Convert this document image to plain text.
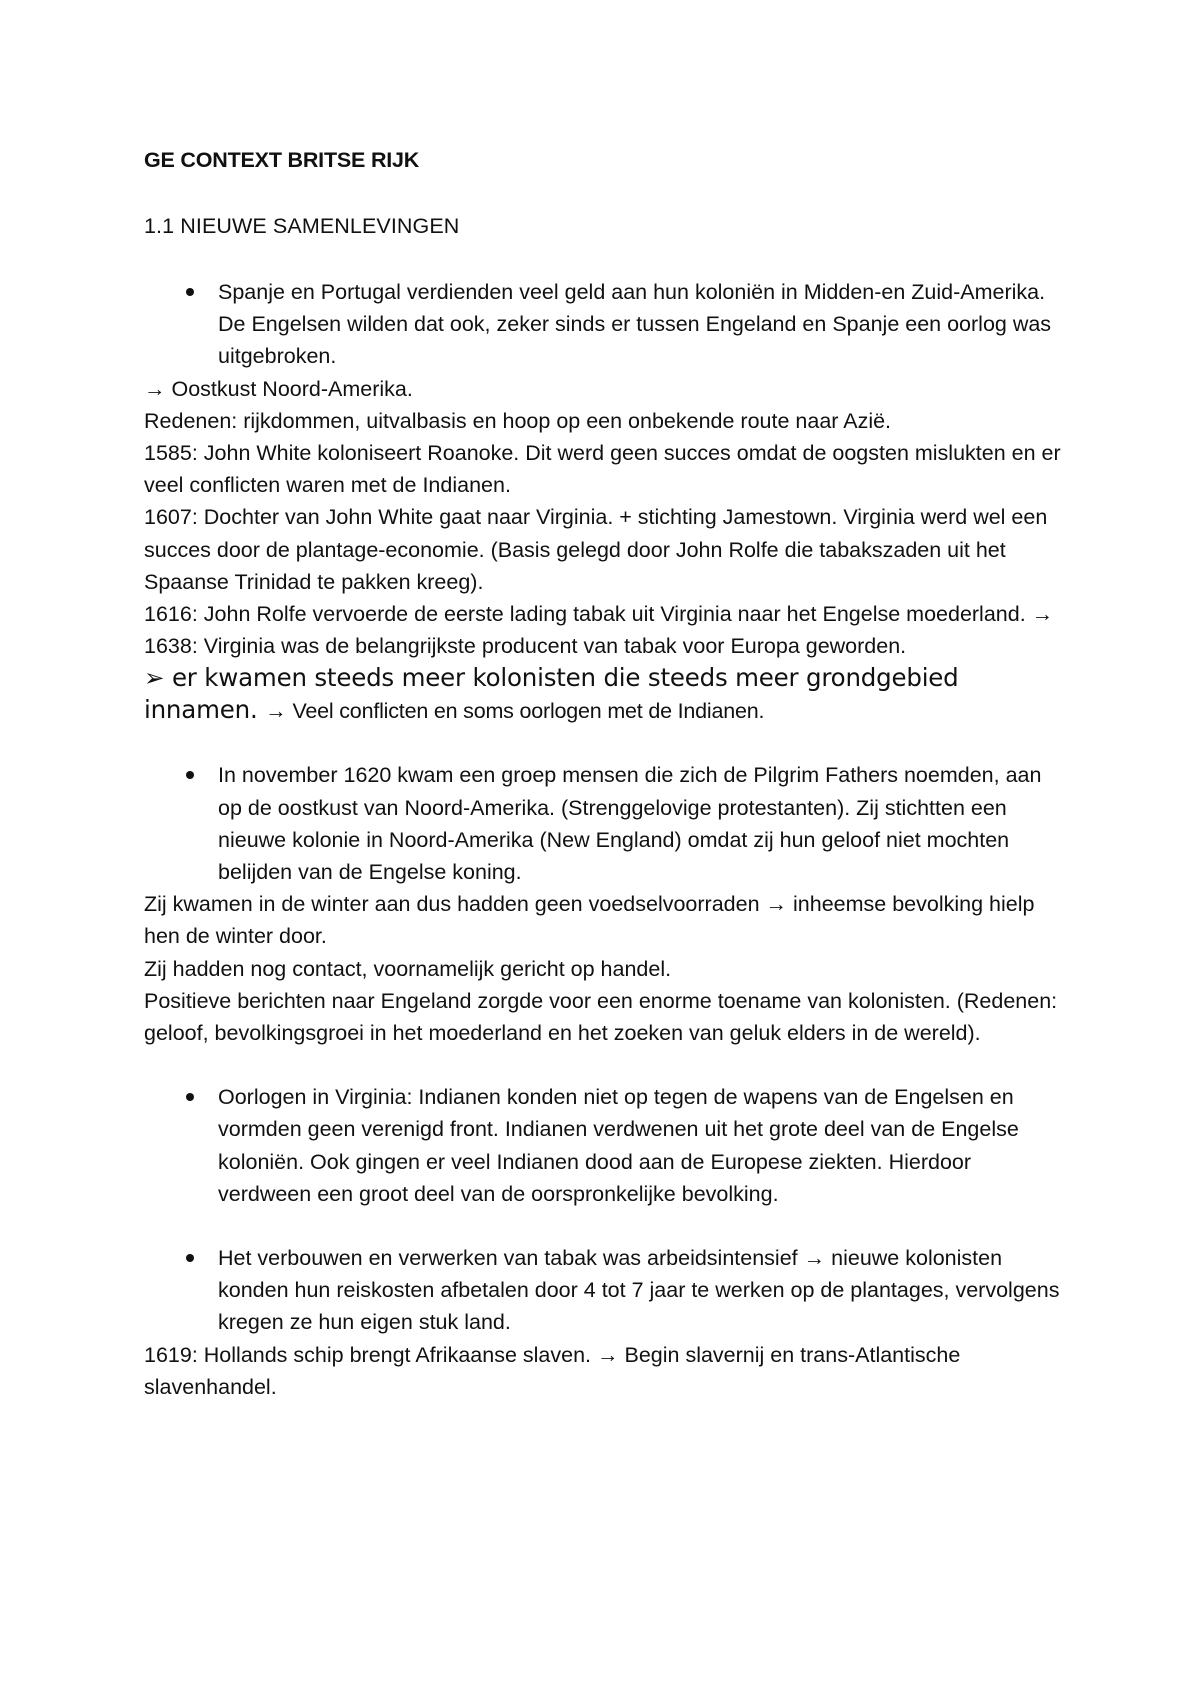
GE CONTEXT BRITSE RIJK
1.1 NIEUWE SAMENLEVINGEN
Spanje en Portugal verdienden veel geld aan hun koloniën in Midden-en Zuid-Amerika. De Engelsen wilden dat ook, zeker sinds er tussen Engeland en Spanje een oorlog was uitgebroken.

→ Oostkust Noord-Amerika.

Redenen: rijkdommen, uitvalbasis en hoop op een onbekende route naar Azië.

1585: John White koloniseert Roanoke. Dit werd geen succes omdat de oogsten mislukten en er veel conflicten waren met de Indianen.

1607: Dochter van John White gaat naar Virginia. + stichting Jamestown. Virginia werd wel een succes door de plantage-economie. (Basis gelegd door John Rolfe die tabakszaden uit het Spaanse Trinidad te pakken kreeg).

1616: John Rolfe vervoerde de eerste lading tabak uit Virginia naar het Engelse moederland. →1638: Virginia was de belangrijkste producent van tabak voor Europa geworden.

➢ er kwamen steeds meer kolonisten die steeds meer grondgebied innamen. → Veel conflicten en soms oorlogen met de Indianen.

In november 1620 kwam een groep mensen die zich de Pilgrim Fathers noemden, aan op de oostkust van Noord-Amerika. (Strenggelovige protestanten). Zij stichtten een nieuwe kolonie in Noord-Amerika (New England) omdat zij hun geloof niet mochten belijden van de Engelse koning.

Zij kwamen in de winter aan dus hadden geen voedselvoorraden → inheemse bevolking hielp hen de winter door.

Zij hadden nog contact, voornamelijk gericht op handel.

Positieve berichten naar Engeland zorgde voor een enorme toename van kolonisten. (Redenen: geloof, bevolkingsgroei in het moederland en het zoeken van geluk elders in de wereld).

Oorlogen in Virginia: Indianen konden niet op tegen de wapens van de Engelsen en vormden geen verenigd front. Indianen verdwenen uit het grote deel van de Engelse koloniën. Ook gingen er veel Indianen dood aan de Europese ziekten. Hierdoor verdween een groot deel van de oorspronkelijke bevolking.
Het verbouwen en verwerken van tabak was arbeidsintensief → nieuwe kolonisten konden hun reiskosten afbetalen door 4 tot 7 jaar te werken op de plantages, vervolgens kregen ze hun eigen stuk land.

1619: Hollands schip brengt Afrikaanse slaven. → Begin slavernij en trans-Atlantische slavenhandel.
